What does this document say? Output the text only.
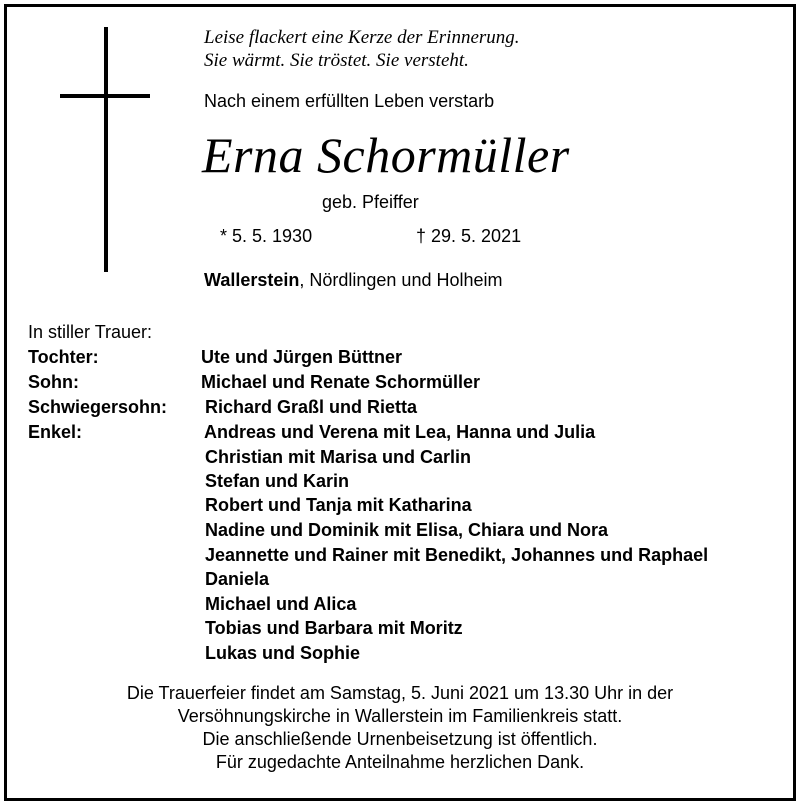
Leise flackert eine Kerze der Erinnerung.
Sie wärmt. Sie tröstet. Sie versteht.
Nach einem erfüllten Leben verstarb
Erna Schormüller
geb. Pfeiffer
* 5. 5. 1930	† 29. 5. 2021
Wallerstein, Nördlingen und Holheim
In stiller Trauer:
Tochter:	Ute und Jürgen Büttner
Sohn:	Michael und Renate Schormüller
Schwiegersohn: Richard Graßl und Rietta
Enkel:	Andreas und Verena mit Lea, Hanna und Julia
Christian mit Marisa und Carlin
Stefan und Karin
Robert und Tanja mit Katharina
Nadine und Dominik mit Elisa, Chiara und Nora
Jeannette und Rainer mit Benedikt, Johannes und Raphael
Daniela
Michael und Alica
Tobias und Barbara mit Moritz
Lukas und Sophie
Die Trauerfeier findet am Samstag, 5. Juni 2021 um 13.30 Uhr in der
Versöhnungskirche in Wallerstein im Familienkreis statt.
Die anschließende Urnenbeisetzung ist öffentlich.
Für zugedachte Anteilnahme herzlichen Dank.
